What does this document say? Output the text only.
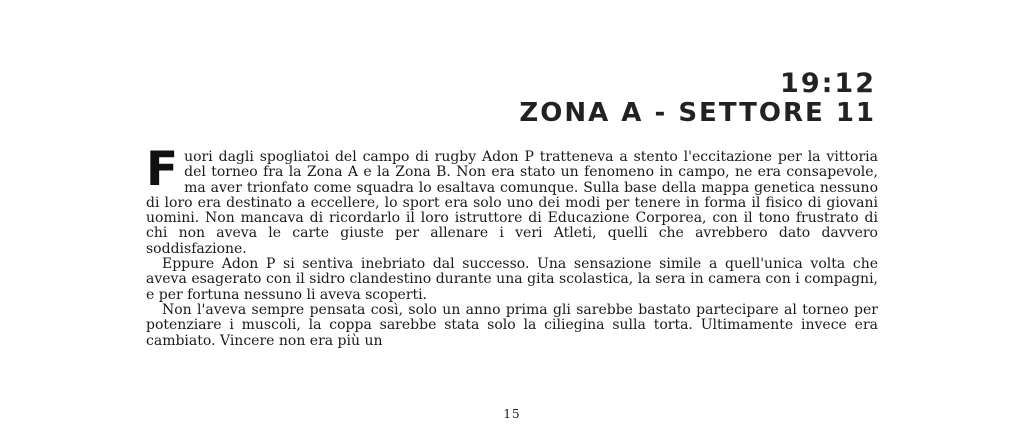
19:12
ZONA A - SETTORE 11

Fuori dagli spogliatoi del campo di rugby Adon P tratteneva a stento l'eccitazione per la vittoria del torneo fra la Zona A e la Zona B. Non era stato un fenomeno in campo, ne era consapevole, ma aver trionfato come squadra lo esaltava comunque. Sulla base della mappa genetica nessuno di loro era destinato a eccellere, lo sport era solo uno dei modi per tenere in forma il fisico di giovani uomini. Non mancava di ricordarlo il loro istruttore di Educazione Corporea, con il tono frustrato di chi non aveva le carte giuste per allenare i veri Atleti, quelli che avrebbero dato davvero soddisfazione.

Eppure Adon P si sentiva inebriato dal successo. Una sensazione simile a quell'unica volta che aveva esagerato con il sidro clandestino durante una gita scolastica, la sera in camera con i compagni, e per fortuna nessuno li aveva scoperti.

Non l'aveva sempre pensata così, solo un anno prima gli sarebbe bastato partecipare al torneo per potenziare i muscoli, la coppa sarebbe stata solo la ciliegina sulla torta. Ultimamente invece era cambiato. Vincere non era più un

15
